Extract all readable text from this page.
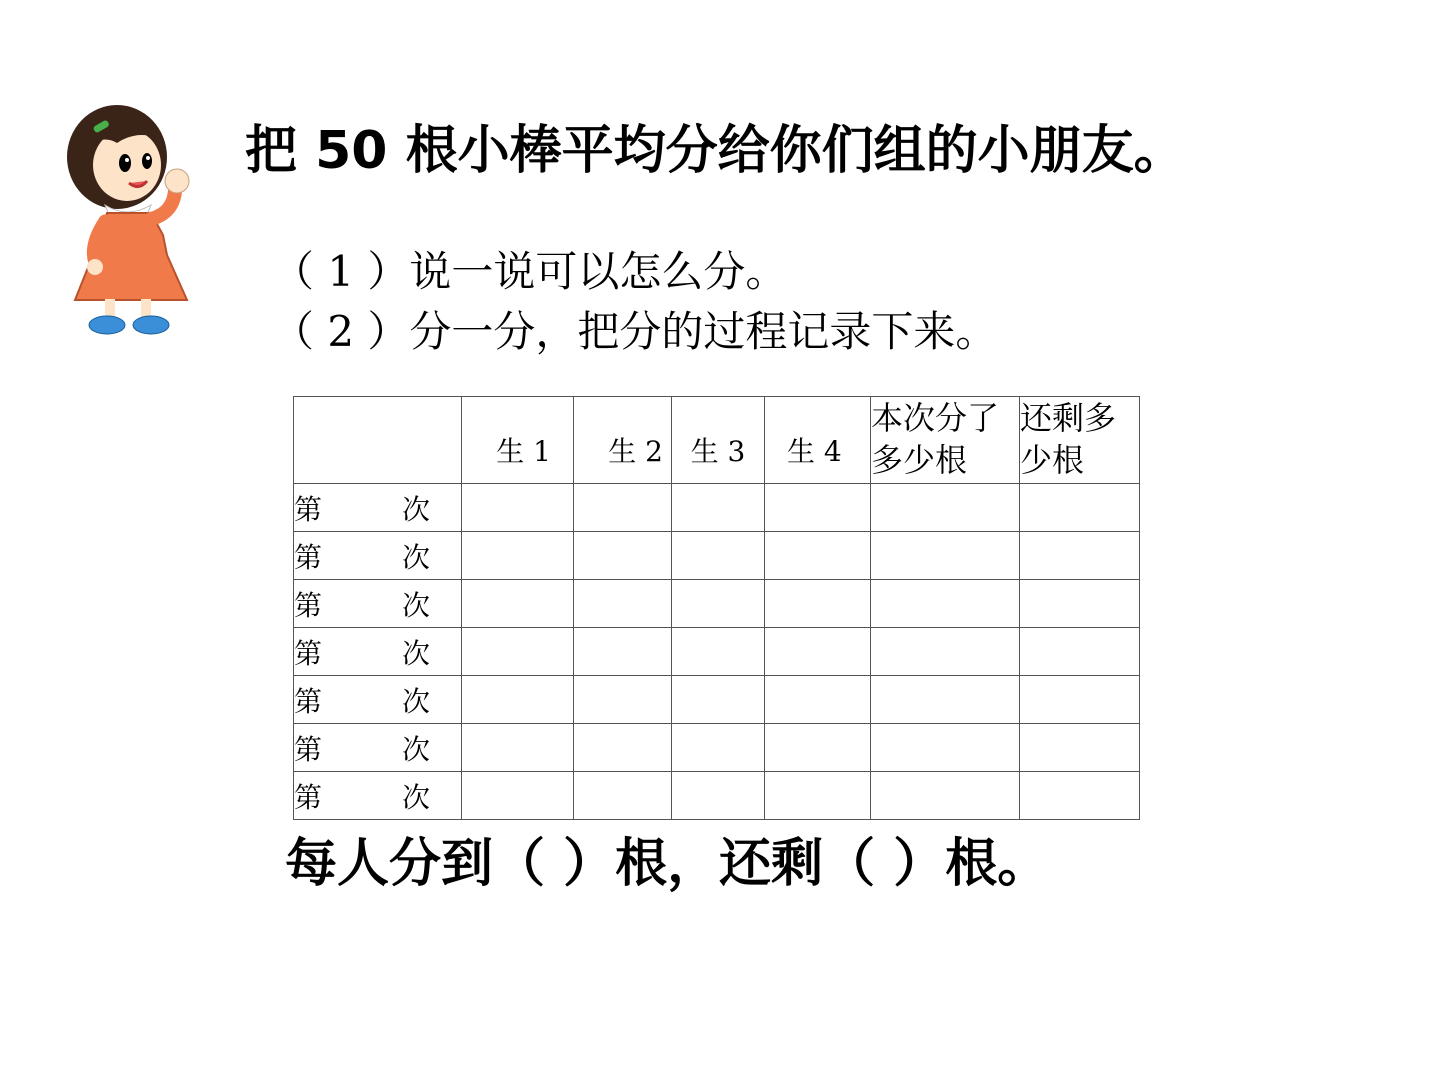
把 50 根小棒平均分给你们组的小朋友。
（ 1 ）说一说可以怎么分。
（ 2 ）分一分，把分的过程记录下来。
	生 1	生 2	生 3	生 4	本次分了多少根	还剩多少根
第 次						
第 次						
第 次						
第 次						
第 次						
第 次						
第 次						
每人分到（ ）根，还剩（ ）根。
